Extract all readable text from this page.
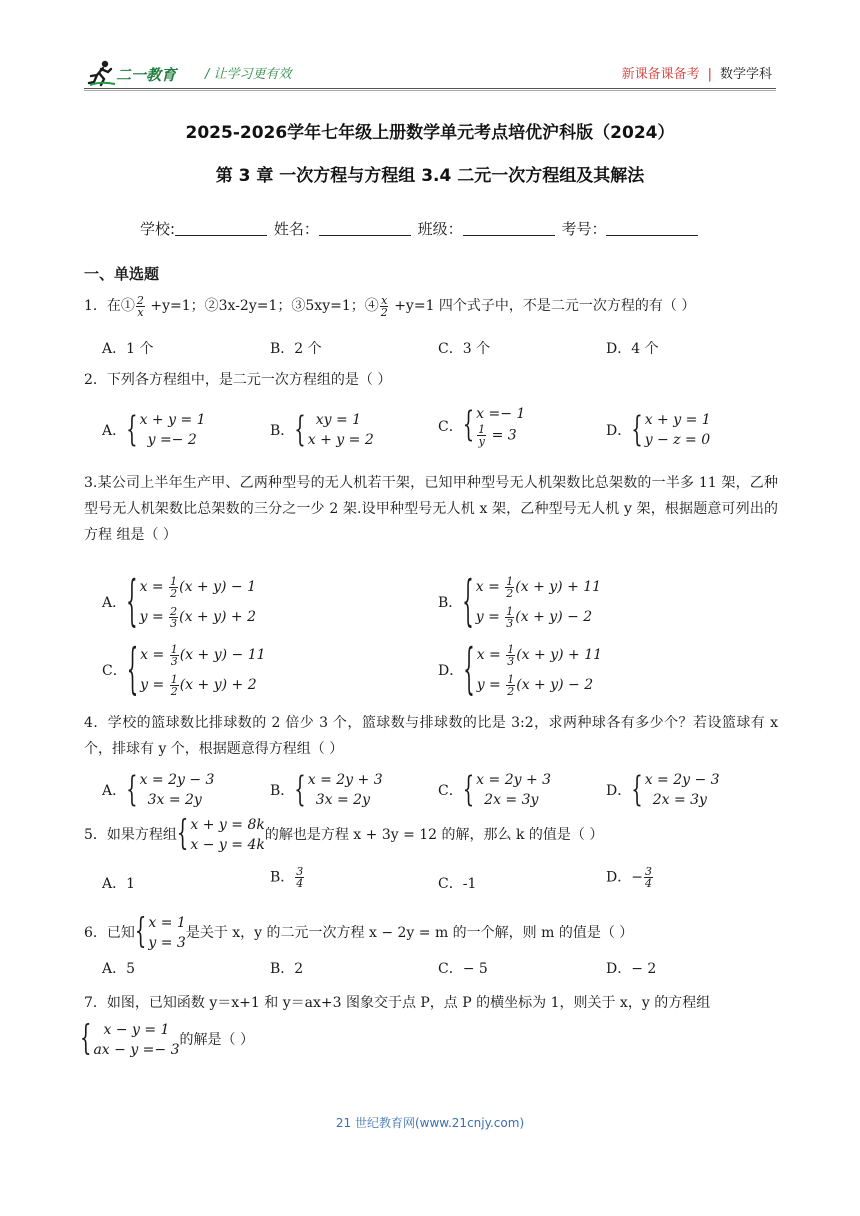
二一教育 / 让学习更有效	新课备课备考 | 数学学科
2025-2026学年七年级上册数学单元考点培优沪科版（2024）
第 3 章 一次方程与方程组 3.4 二元一次方程组及其解法
学校:	姓名：	班级：	考号：
一、单选题
1．在① $\frac{2}{x} +y=1$；②3x-2y=1；③5xy=1；④ $\frac{x}{2} +y=1$ 四个式子中，不是二元一次方程的有（ ）
A．1 个	B．2 个	C．3 个	D．4 个
2．下列各方程组中，是二元一次方程组的是（ ）
A． { x + y = 1
y =− 2
B． { xy = 1
x + y = 2
C． { x =− 1
$\frac{1}{y} = 3$	D． { x + y = 1
y − z = 0
3.某公司上半年生产甲、乙两种型号的无人机若干架，已知甲种型号无人机架数比总架数的一半多 11 架，乙种型号无人机架数比总架数的三分之一少 2 架.设甲种型号无人机 x 架，乙种型号无人机 y 架，根据题意可列出的方程 组是（ ）
A． { $x = \frac{1}{2} (x + y) - 1$
$y = \frac{2}{3} (x + y) + 2$
B． { $x = \frac{1}{2} (x + y) + 11$
$y = \frac{1}{3} (x + y) - 2$
C． { $x = \frac{1}{3} (x + y) - 11$
$y = \frac{1}{2} (x + y) + 2$
D． { $x = \frac{1}{3} (x + y) + 11$
$y = \frac{1}{2} (x + y) - 2$
4．学校的篮球数比排球数的 2 倍少 3 个，篮球数与排球数的比是 3:2，求两种球各有多少个？若设篮球有 x 个，排球有 y 个，根据题意得方程组（ ）
A． { x = 2y − 3
3x = 2y
B． { x = 2y + 3
3x = 2y
C． { x = 2y + 3
2x = 3y
D． { x = 2y − 3
2x = 3y
5．如果方程组 { x + y = 8k
x − y = 4k
的解也是方程 x + 3y = 12 的解，那么 k 的值是（ ）
A．1	B． $\frac{3}{4}$	C．-1	D．− $\frac{3}{4}$
6．已知 { x = 1
y = 3
是关于 x，y 的二元一次方程 x − 2y = m 的一个解，则 m 的值是（ ）
A．5	B．2	C．− 5	D．− 2
7．如图，已知函数 y＝x+1 和 y＝ax+3 图象交于点 P，点 P 的横坐标为 1，则关于 x，y 的方程组
{ x − y = 1
ax − y =− 3
的解是（ ）
21 世纪教育网(www.21cnjy.com)
